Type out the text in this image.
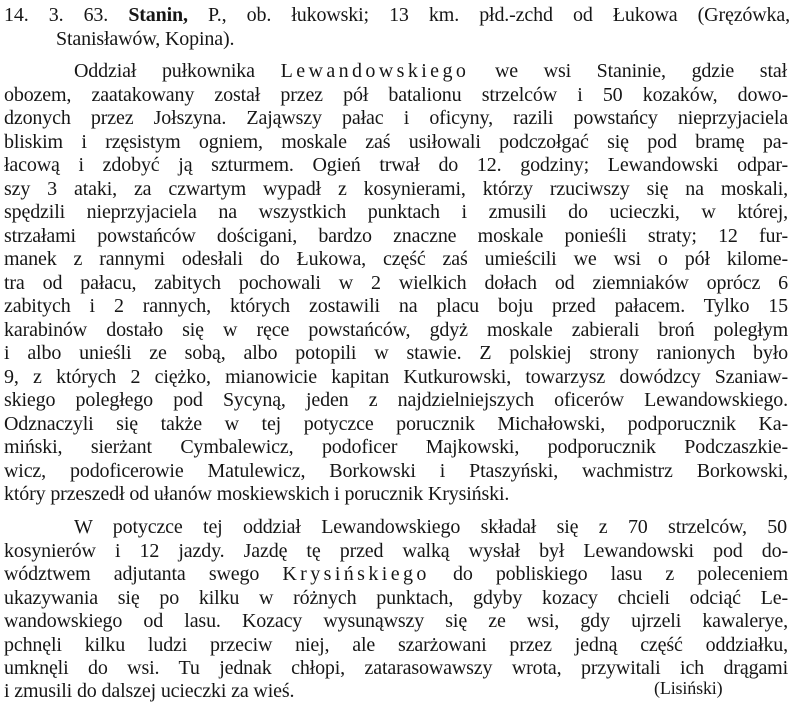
14. 3. 63. Stanin, P., ob. łukowski; 13 km. płd.-zchd od Łukowa (Gręzówka,
Stanisławów, Kopina).
Oddział pułkownika Lewandowskiego we wsi Staninie, gdzie stał
obozem, zaatakowany został przez pół batalionu strzelców i 50 kozaków, dowo-
dzonych przez Jołszyna. Zająwszy pałac i oficyny, razili powstańcy nieprzyjaciela
bliskim i rzęsistym ogniem, moskale zaś usiłowali podczołgać się pod bramę pa-
łacową i zdobyć ją szturmem. Ogień trwał do 12. godziny; Lewandowski odpar-
szy 3 ataki, za czwartym wypadł z kosynierami, którzy rzuciwszy się na moskali,
spędzili nieprzyjaciela na wszystkich punktach i zmusili do ucieczki, w której,
strzałami powstańców dościgani, bardzo znaczne moskale ponieśli straty; 12 fur-
manek z rannymi odesłali do Łukowa, część zaś umieścili we wsi o pół kilome-
tra od pałacu, zabitych pochowali w 2 wielkich dołach od ziemniaków oprócz 6
zabitych i 2 rannych, których zostawili na placu boju przed pałacem. Tylko 15
karabinów dostało się w ręce powstańców, gdyż moskale zabierali broń poległym
i albo unieśli ze sobą, albo potopili w stawie. Z polskiej strony ranionych było
9, z których 2 ciężko, mianowicie kapitan Kutkurowski, towarzysz dowódzcy Szaniaw-
skiego poległego pod Sycyną, jeden z najdzielniejszych oficerów Lewandowskiego.
Odznaczyli się także w tej potyczce porucznik Michałowski, podporucznik Ka-
miński, sierżant Cymbalewicz, podoficer Majkowski, podporucznik Podczaszkie-
wicz, podoficerowie Matulewicz, Borkowski i Ptaszyński, wachmistrz Borkowski,
który przeszedł od ułanów moskiewskich i porucznik Krysiński.
W potyczce tej oddział Lewandowskiego składał się z 70 strzelców, 50
kosynierów i 12 jazdy. Jazdę tę przed walką wysłał był Lewandowski pod do-
wództwem adjutanta swego Krysińskiego do pobliskiego lasu z poleceniem
ukazywania się po kilku w różnych punktach, gdyby kozacy chcieli odciąć Le-
wandowskiego od lasu. Kozacy wysunąwszy się ze wsi, gdy ujrzeli kawalerye,
pchnęli kilku ludzi przeciw niej, ale szarżowani przez jedną część oddziałku,
umknęli do wsi. Tu jednak chłopi, zatarasowawszy wrota, przywitali ich drągami
i zmusili do dalszej ucieczki za wieś.	(Lisiński)
